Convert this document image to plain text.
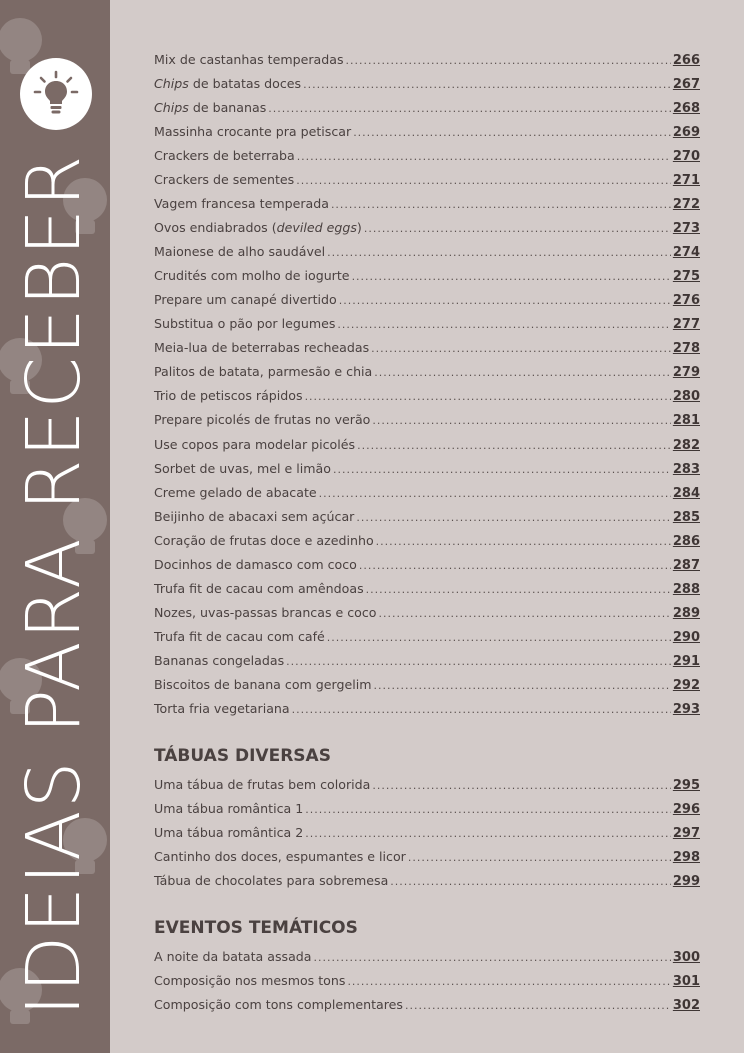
IDEIAS PARA RECEBER
Mix de castanhas temperadas .....	266
Chips de batatas doces .....	267
Chips de bananas .....	268
Massinha crocante pra petiscar .....	269
Crackers de beterraba .....	270
Crackers de sementes .....	271
Vagem francesa temperada .....	272
Ovos endiabrados (deviled eggs) .....	273
Maionese de alho saudável .....	274
Crudités com molho de iogurte .....	275
Prepare um canapé divertido .....	276
Substitua o pão por legumes .....	277
Meia-lua de beterrabas recheadas .....	278
Palitos de batata, parmesão e chia .....	279
Trio de petiscos rápidos .....	280
Prepare picolés de frutas no verão .....	281
Use copos para modelar picolés .....	282
Sorbet de uvas, mel e limão .....	283
Creme gelado de abacate .....	284
Beijinho de abacaxi sem açúcar .....	285
Coração de frutas doce e azedinho .....	286
Docinhos de damasco com coco .....	287
Trufa fit de cacau com amêndoas .....	288
Nozes, uvas-passas brancas e coco .....	289
Trufa fit de cacau com café .....	290
Bananas congeladas .....	291
Biscoitos de banana com gergelim .....	292
Torta fria vegetariana .....	293
TÁBUAS DIVERSAS
Uma tábua de frutas bem colorida .....	295
Uma tábua romântica 1 .....	296
Uma tábua romântica 2 .....	297
Cantinho dos doces, espumantes e licor .....	298
Tábua de chocolates para sobremesa .....	299
EVENTOS TEMÁTICOS
A noite da batata assada .....	300
Composição nos mesmos tons .....	301
Composição com tons complementares .....	302
